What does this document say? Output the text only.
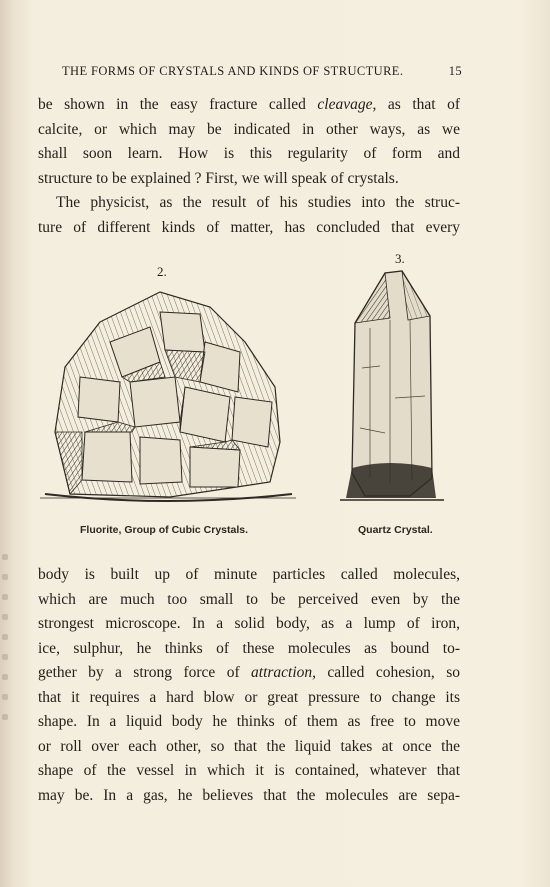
THE FORMS OF CRYSTALS AND KINDS OF STRUCTURE.	15
be shown in the easy fracture called cleavage, as that of
calcite, or which may be indicated in other ways, as we
shall soon learn. How is this regularity of form and
structure to be explained ? First, we will speak of crystals.
The physicist, as the result of his studies into the struc-
ture of different kinds of matter, has concluded that every
2.
Fluorite, Group of Cubic Crystals.
3.
Quartz Crystal.
body is built up of minute particles called molecules,
which are much too small to be perceived even by the
strongest microscope. In a solid body, as a lump of iron,
ice, sulphur, he thinks of these molecules as bound to-
gether by a strong force of attraction, called cohesion, so
that it requires a hard blow or great pressure to change its
shape. In a liquid body he thinks of them as free to move
or roll over each other, so that the liquid takes at once the
shape of the vessel in which it is contained, whatever that
may be. In a gas, he believes that the molecules are sepa-
